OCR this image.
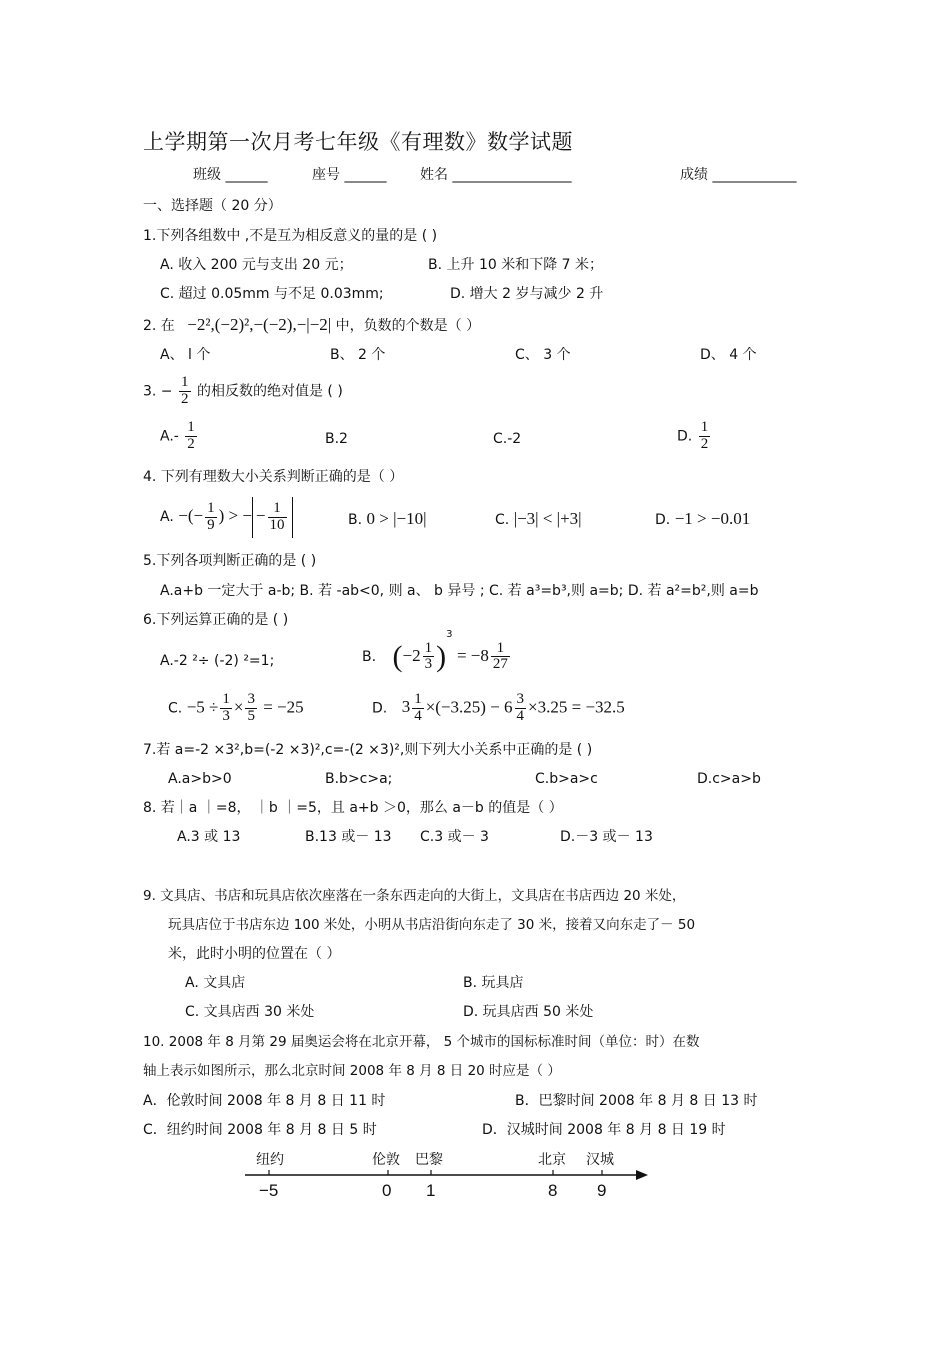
上学期第一次月考七年级《有理数》数学试题
班级 ______	座号 ______ 姓名 _________________	成绩 ____________
一、选择题（ 20 分）
1.下列各组数中 ,不是互为相反意义的量的是 ( )
A. 收入 200 元与支出 20 元；	B. 上升 10 米和下降 7 米；
C. 超过 0.05mm 与不足 0.03mm;	D. 增大 2 岁与减少 2 升
2. 在 −2²,(−2)²,−(−2),−|−2| 中，负数的个数是（ ）
A、 l 个	B、 2 个	C、 3 个	D、 4 个
3. − $\frac{1}{2}$ 的相反数的绝对值是 ( )
$A.- \frac{1}{2}$	B.2	C.-2	D. $\frac{1}{2}$
4. 下列有理数大小关系判断正确的是（ ）
A. −(− $\frac{1}{9}$ ) > − − $\frac{1}{10}$	B. 0 > |−10|	C. |−3| < |+3|	D. −1 > −0.01
5.下列各项判断正确的是 ( )
A.a+b 一定大于 a-b; B. 若 -ab<0, 则 a、 b 异号 ; C. 若 a³=b³,则 a=b; D. 若 a²=b²,则 a=b
6.下列运算正确的是 ( )
A.-2 ²÷ (-2) ²=1;	B. $(-2 \frac{1}{3} )^3 = -8 \frac{1}{27}$
C. $-5 \div \frac{1}{3} \times \frac{3}{5} = -25$	D. $3 \frac{1}{4} \times(-3.25) - 6 \frac{3}{4} \times 3.25 = -32.5$
7.若 a=-2 ×3²,b=(-2 ×3)²,c=-(2 ×3)²,则下列大小关系中正确的是 ( )
A.a>b>0	B.b>c>a;	C.b>a>c	D.c>a>b
8. 若｜a ｜=8， ｜b ｜=5，且 a+b ＞0，那么 a－b 的值是（ ）
A.3 或 13	B.13 或－ 13 C.3 或－ 3	D.－3 或－ 13
9. 文具店、书店和玩具店依次座落在一条东西走向的大街上，文具店在书店西边 20 米处，
玩具店位于书店东边 100 米处，小明从书店沿街向东走了 30 米，接着又向东走了－ 50
米，此时小明的位置在（ ）
A. 文具店	B. 玩具店
C. 文具店西 30 米处	D. 玩具店西 50 米处
10. 2008 年 8 月第 29 届奥运会将在北京开幕， 5 个城市的国标标准时间（单位：时）在数
轴上表示如图所示，那么北京时间 2008 年 8 月 8 日 20 时应是（ ）
A．伦敦时间 2008 年 8 月 8 日 11 时	B．巴黎时间 2008 年 8 月 8 日 13 时
C．纽约时间 2008 年 8 月 8 日 5 时	D．汉城时间 2008 年 8 月 8 日 19 时
纽约	伦敦 巴黎	北京 汉城
−5	0 1	8 9
